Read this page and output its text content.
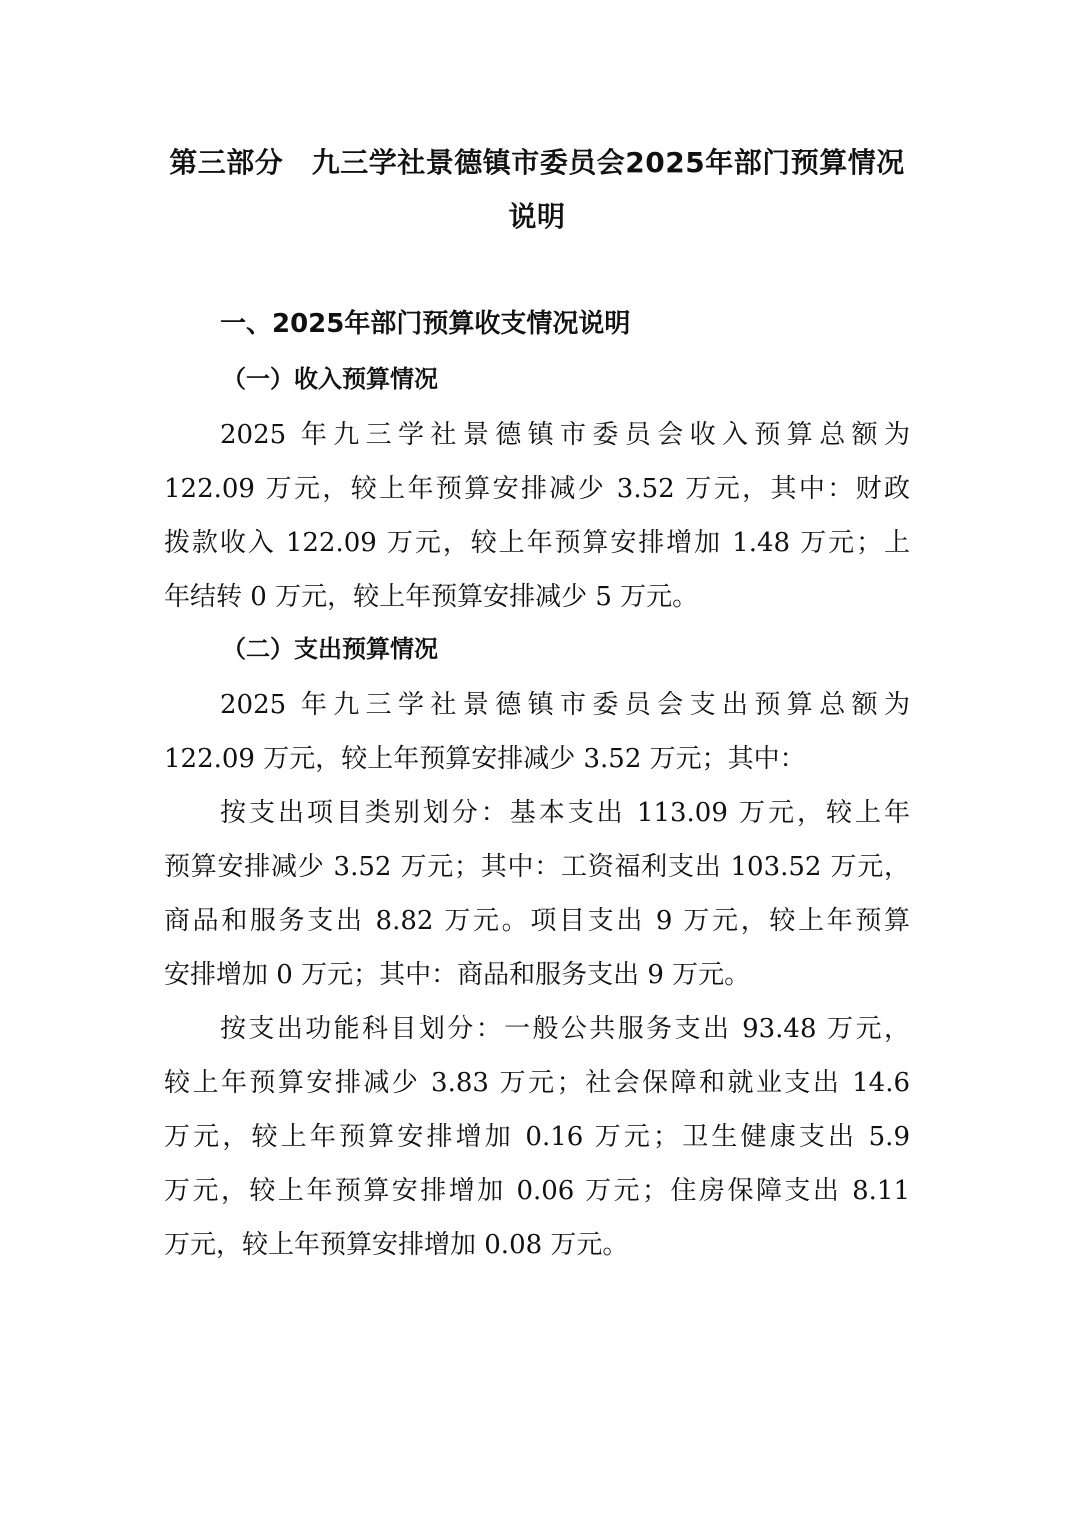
第三部分　九三学社景德镇市委员会2025年部门预算情况
说明
一、2025年部门预算收支情况说明
（一）收入预算情况
2025 年九三学社景德镇市委员会收入预算总额为
122.09 万元，较上年预算安排减少 3.52 万元，其中：财政
拨款收入 122.09 万元，较上年预算安排增加 1.48 万元；上
年结转 0 万元，较上年预算安排减少 5 万元。
（二）支出预算情况
2025 年九三学社景德镇市委员会支出预算总额为
122.09 万元，较上年预算安排减少 3.52 万元；其中：
按支出项目类别划分：基本支出 113.09 万元，较上年
预算安排减少 3.52 万元；其中：工资福利支出 103.52 万元，
商品和服务支出 8.82 万元。项目支出 9 万元，较上年预算
安排增加 0 万元；其中：商品和服务支出 9 万元。
按支出功能科目划分：一般公共服务支出 93.48 万元，
较上年预算安排减少 3.83 万元；社会保障和就业支出 14.6
万元，较上年预算安排增加 0.16 万元；卫生健康支出 5.9
万元，较上年预算安排增加 0.06 万元；住房保障支出 8.11
万元，较上年预算安排增加 0.08 万元。
